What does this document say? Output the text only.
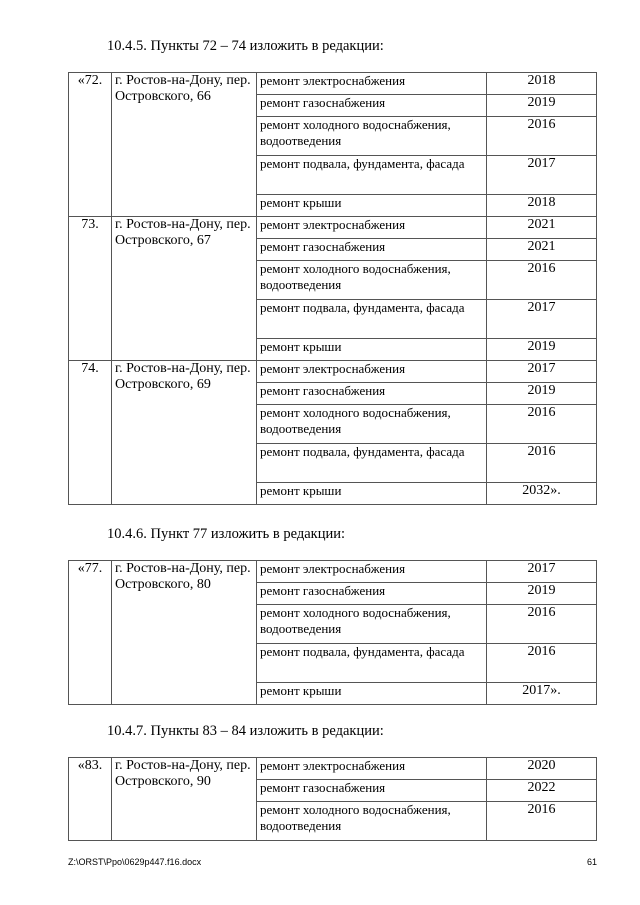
10.4.5. Пункты 72 – 74 изложить в редакции:
«72.	г. Ростов-на-Дону, пер. Островского, 66	ремонт электроснабжения	2018
		ремонт газоснабжения	2019
		ремонт холодного водоснабжения, водоотведения	2016
		ремонт подвала, фундамента, фасада	2017
		ремонт крыши	2018
73.	г. Ростов-на-Дону, пер. Островского, 67	ремонт электроснабжения	2021
		ремонт газоснабжения	2021
		ремонт холодного водоснабжения, водоотведения	2016
		ремонт подвала, фундамента, фасада	2017
		ремонт крыши	2019
74.	г. Ростов-на-Дону, пер. Островского, 69	ремонт электроснабжения	2017
		ремонт газоснабжения	2019
		ремонт холодного водоснабжения, водоотведения	2016
		ремонт подвала, фундамента, фасада	2016
		ремонт крыши	2032».
10.4.6. Пункт 77 изложить в редакции:
«77.	г. Ростов-на-Дону, пер. Островского, 80	ремонт электроснабжения	2017
		ремонт газоснабжения	2019
		ремонт холодного водоснабжения, водоотведения	2016
		ремонт подвала, фундамента, фасада	2016
		ремонт крыши	2017».
10.4.7. Пункты 83 – 84 изложить в редакции:
«83.	г. Ростов-на-Дону, пер. Островского, 90	ремонт электроснабжения	2020
		ремонт газоснабжения	2022
		ремонт холодного водоснабжения, водоотведения	2016
Z:\ORST\Ppo\0629p447.f16.docx	61
